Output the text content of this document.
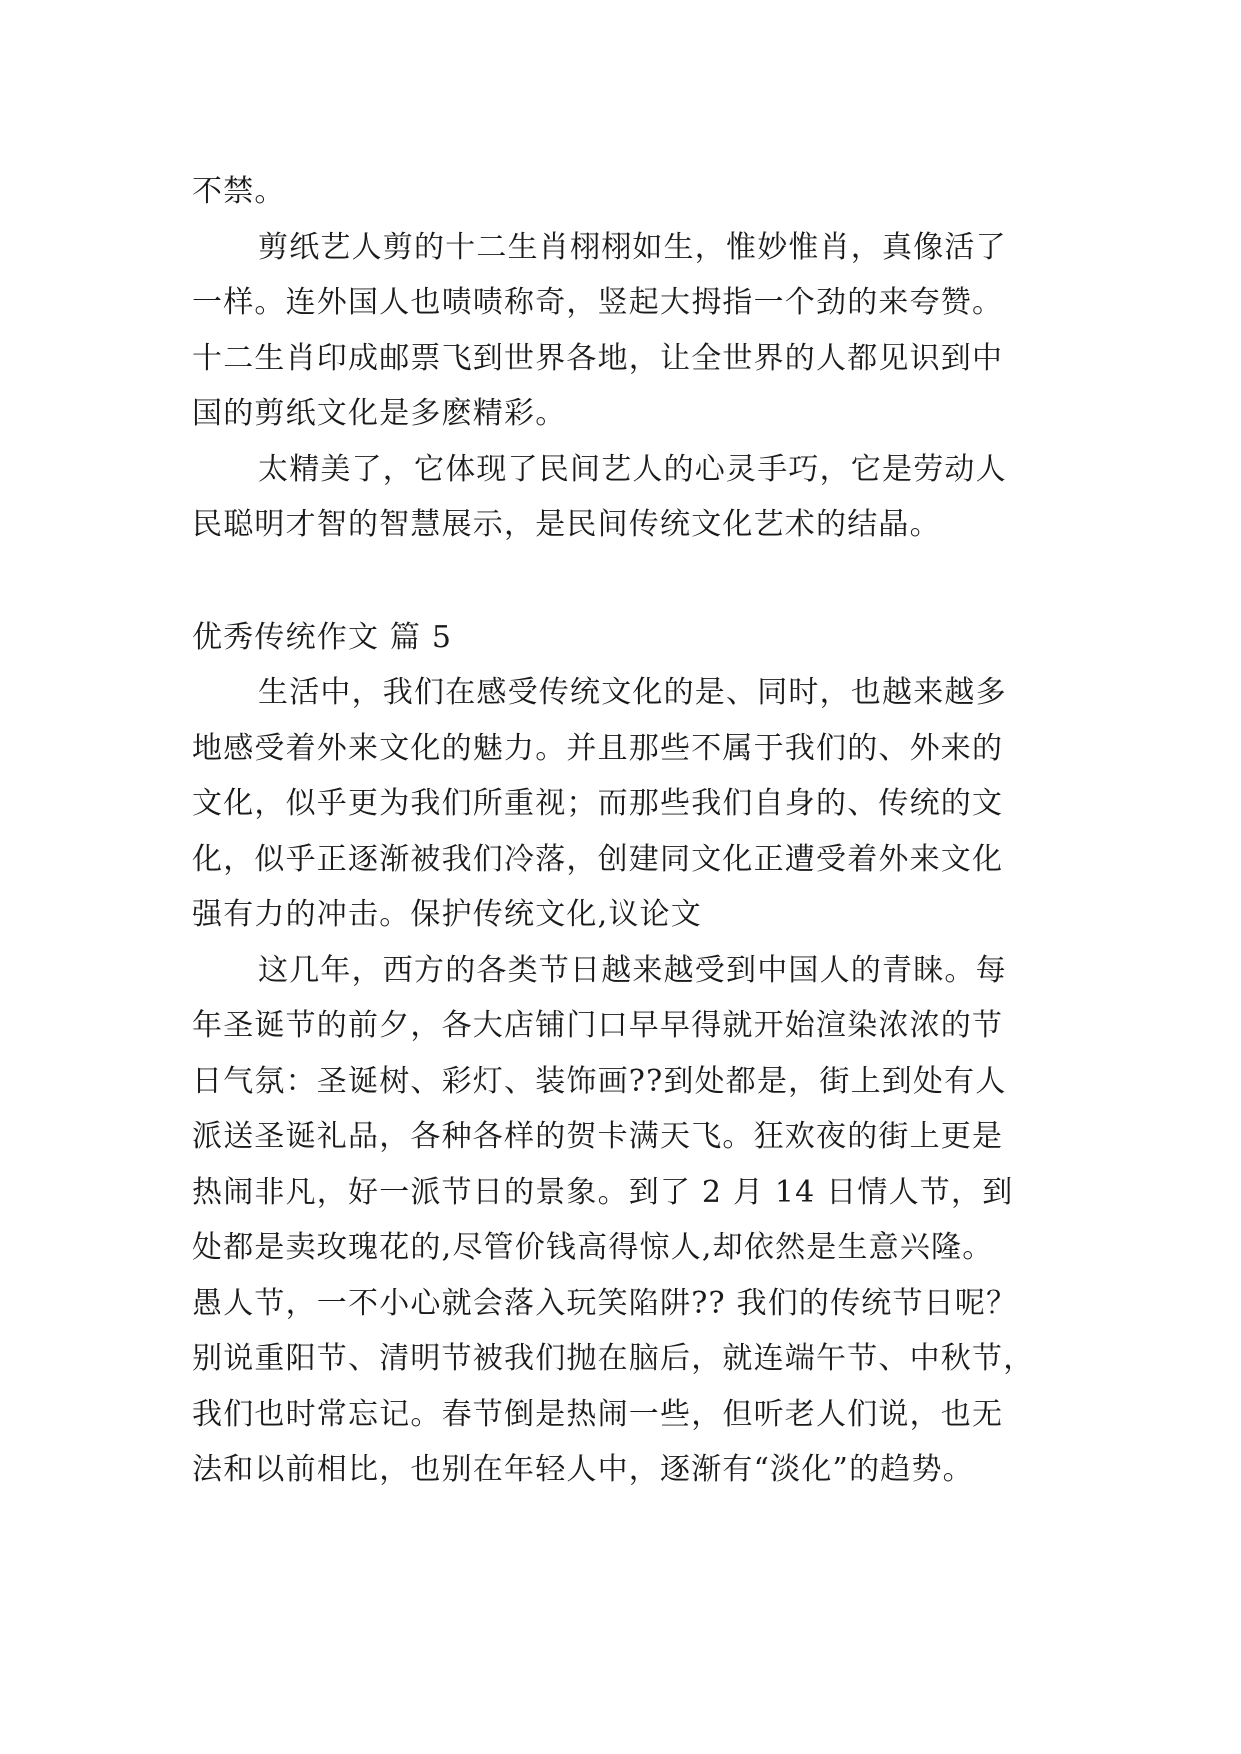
不禁。
剪纸艺人剪的十二生肖栩栩如生，惟妙惟肖，真像活了
一样。连外国人也啧啧称奇，竖起大拇指一个劲的来夸赞。
十二生肖印成邮票飞到世界各地，让全世界的人都见识到中
国的剪纸文化是多麽精彩。
太精美了，它体现了民间艺人的心灵手巧，它是劳动人
民聪明才智的智慧展示，是民间传统文化艺术的结晶。
优秀传统作文 篇 5
生活中，我们在感受传统文化的是、同时，也越来越多
地感受着外来文化的魅力。并且那些不属于我们的、外来的
文化，似乎更为我们所重视；而那些我们自身的、传统的文
化，似乎正逐渐被我们冷落，创建同文化正遭受着外来文化
强有力的冲击。保护传统文化,议论文
这几年，西方的各类节日越来越受到中国人的青睐。每
年圣诞节的前夕，各大店铺门口早早得就开始渲染浓浓的节
日气氛：圣诞树、彩灯、装饰画??到处都是，街上到处有人
派送圣诞礼品，各种各样的贺卡满天飞。狂欢夜的街上更是
热闹非凡，好一派节日的景象。到了 2 月 14 日情人节，到
处都是卖玫瑰花的,尽管价钱高得惊人,却依然是生意兴隆。
愚人节，一不小心就会落入玩笑陷阱?? 我们的传统节日呢？
别说重阳节、清明节被我们抛在脑后，就连端午节、中秋节，
我们也时常忘记。春节倒是热闹一些，但听老人们说，也无
法和以前相比，也别在年轻人中，逐渐有“淡化”的趋势。
